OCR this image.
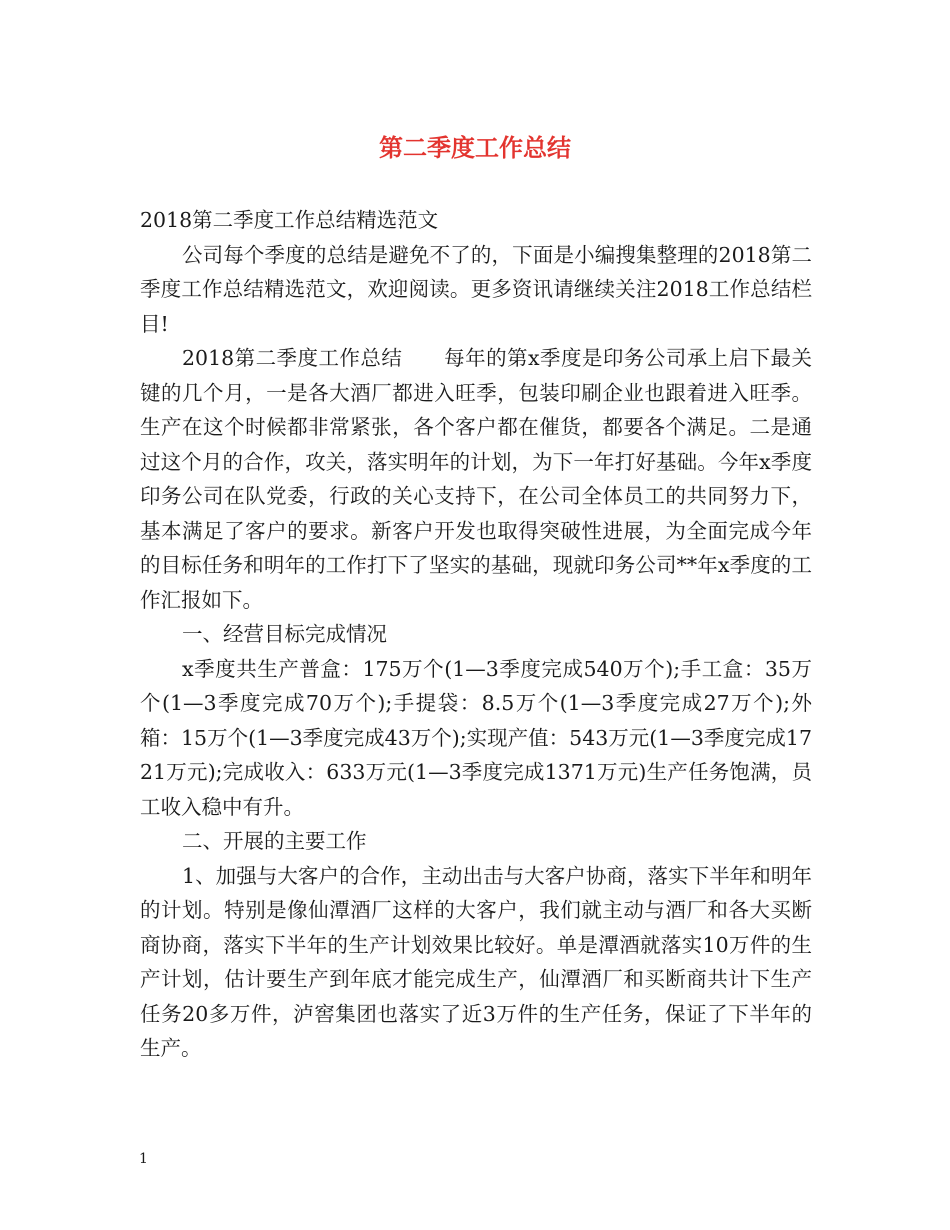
第二季度工作总结

2018第二季度工作总结精选范文

公司每个季度的总结是避免不了的，下面是小编搜集整理的2018第二季度工作总结精选范文，欢迎阅读。更多资讯请继续关注2018工作总结栏目!

2018第二季度工作总结　　每年的第x季度是印务公司承上启下最关键的几个月，一是各大酒厂都进入旺季，包装印刷企业也跟着进入旺季。生产在这个时候都非常紧张，各个客户都在催货，都要各个满足。二是通过这个月的合作，攻关，落实明年的计划，为下一年打好基础。今年x季度印务公司在队党委，行政的关心支持下，在公司全体员工的共同努力下，基本满足了客户的要求。新客户开发也取得突破性进展，为全面完成今年的目标任务和明年的工作打下了坚实的基础，现就印务公司**年x季度的工作汇报如下。

一、经营目标完成情况

x季度共生产普盒：175万个(1—3季度完成540万个);手工盒：35万个(1—3季度完成70万个);手提袋：8.5万个(1—3季度完成27万个);外箱：15万个(1—3季度完成43万个);实现产值：543万元(1—3季度完成1721万元);完成收入：633万元(1—3季度完成1371万元)生产任务饱满，员工收入稳中有升。

二、开展的主要工作

1、加强与大客户的合作，主动出击与大客户协商，落实下半年和明年的计划。特别是像仙潭酒厂这样的大客户，我们就主动与酒厂和各大买断商协商，落实下半年的生产计划效果比较好。单是潭酒就落实10万件的生产计划，估计要生产到年底才能完成生产，仙潭酒厂和买断商共计下生产任务20多万件，泸窖集团也落实了近3万件的生产任务，保证了下半年的生产。

1
